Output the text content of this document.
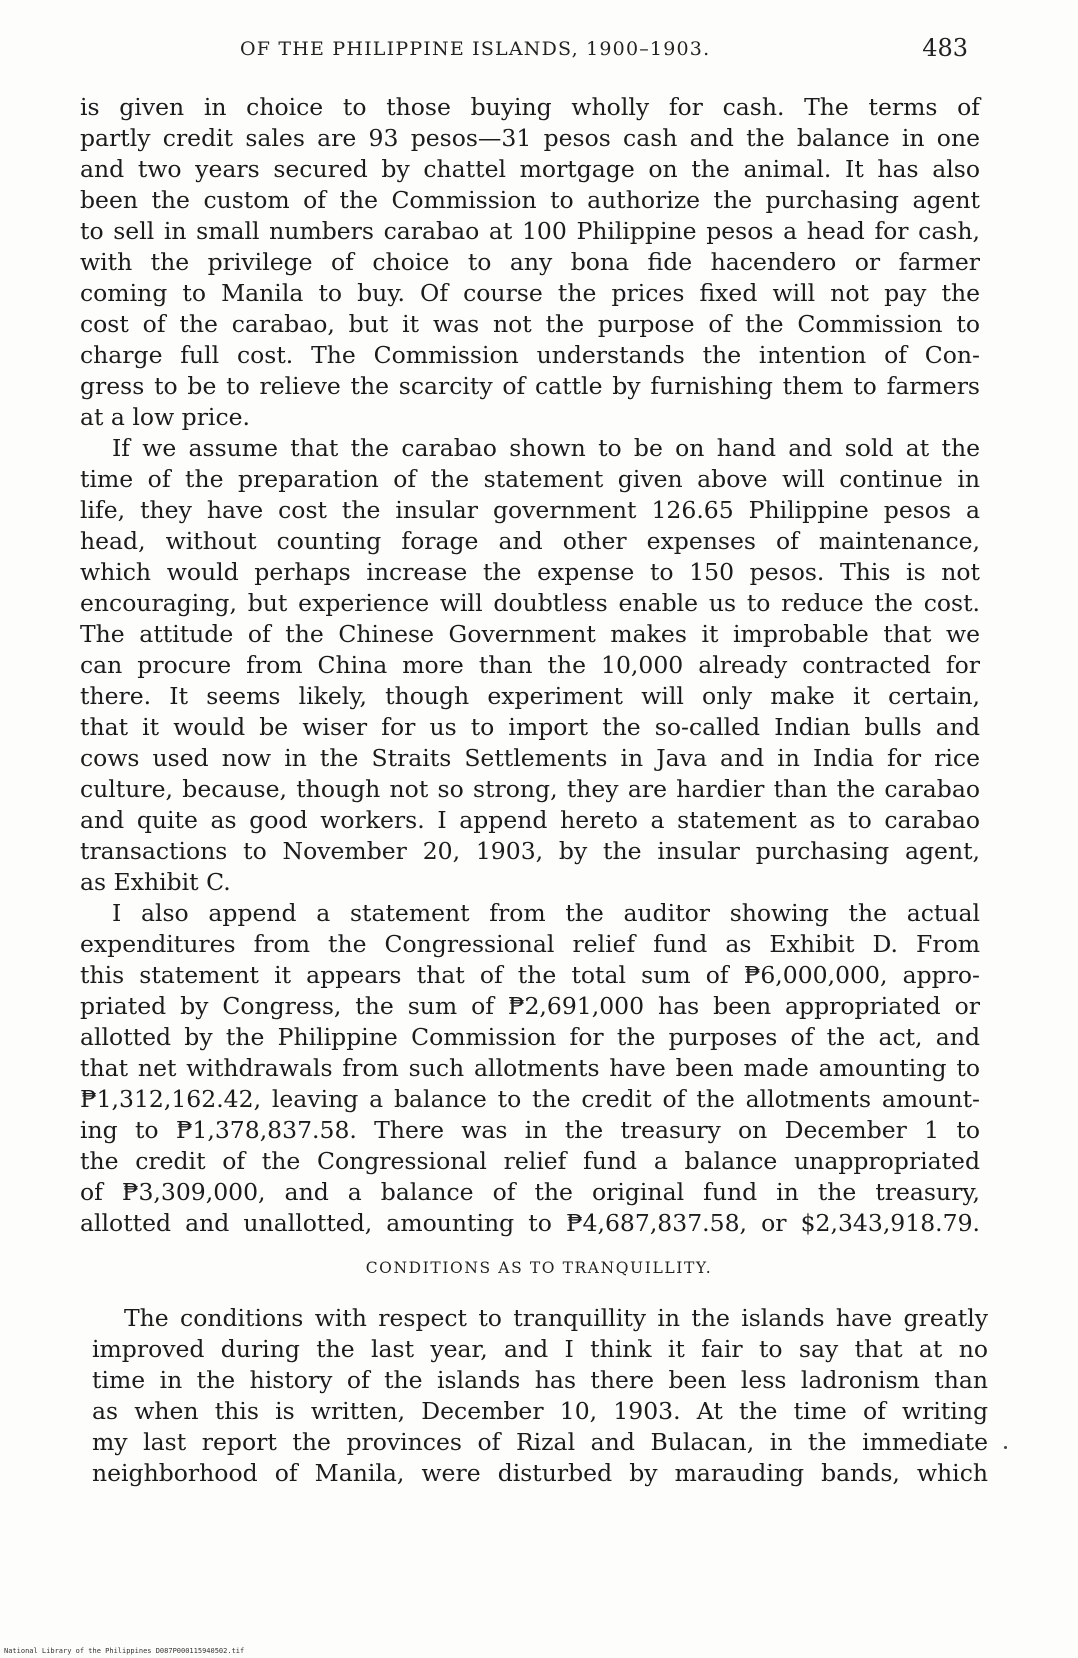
OF THE PHILIPPINE ISLANDS, 1900–1903.	483
is given in choice to those buying wholly for cash. The terms of
partly credit sales are 93 pesos—31 pesos cash and the balance in one
and two years secured by chattel mortgage on the animal. It has also
been the custom of the Commission to authorize the purchasing agent
to sell in small numbers carabao at 100 Philippine pesos a head for cash,
with the privilege of choice to any bona fide hacendero or farmer
coming to Manila to buy. Of course the prices fixed will not pay the
cost of the carabao, but it was not the purpose of the Commission to
charge full cost. The Commission understands the intention of Con-
gress to be to relieve the scarcity of cattle by furnishing them to farmers
at a low price.
If we assume that the carabao shown to be on hand and sold at the
time of the preparation of the statement given above will continue in
life, they have cost the insular government 126.65 Philippine pesos a
head, without counting forage and other expenses of maintenance,
which would perhaps increase the expense to 150 pesos. This is not
encouraging, but experience will doubtless enable us to reduce the cost.
The attitude of the Chinese Government makes it improbable that we
can procure from China more than the 10,000 already contracted for
there. It seems likely, though experiment will only make it certain,
that it would be wiser for us to import the so-called Indian bulls and
cows used now in the Straits Settlements in Java and in India for rice
culture, because, though not so strong, they are hardier than the carabao
and quite as good workers. I append hereto a statement as to carabao
transactions to November 20, 1903, by the insular purchasing agent,
as Exhibit C.
I also append a statement from the auditor showing the actual
expenditures from the Congressional relief fund as Exhibit D. From
this statement it appears that of the total sum of ₱6,000,000, appro-
priated by Congress, the sum of ₱2,691,000 has been appropriated or
allotted by the Philippine Commission for the purposes of the act, and
that net withdrawals from such allotments have been made amounting to
₱1,312,162.42, leaving a balance to the credit of the allotments amount-
ing to ₱1,378,837.58. There was in the treasury on December 1 to
the credit of the Congressional relief fund a balance unappropriated
of ₱3,309,000, and a balance of the original fund in the treasury,
allotted and unallotted, amounting to ₱4,687,837.58, or $2,343,918.79.
CONDITIONS AS TO TRANQUILLITY.
The conditions with respect to tranquillity in the islands have greatly
improved during the last year, and I think it fair to say that at no
time in the history of the islands has there been less ladronism than
as when this is written, December 10, 1903. At the time of writing
my last report the provinces of Rizal and Bulacan, in the immediate
neighborhood of Manila, were disturbed by marauding bands, which
National Library of the Philippines D087P000115940502.tif
